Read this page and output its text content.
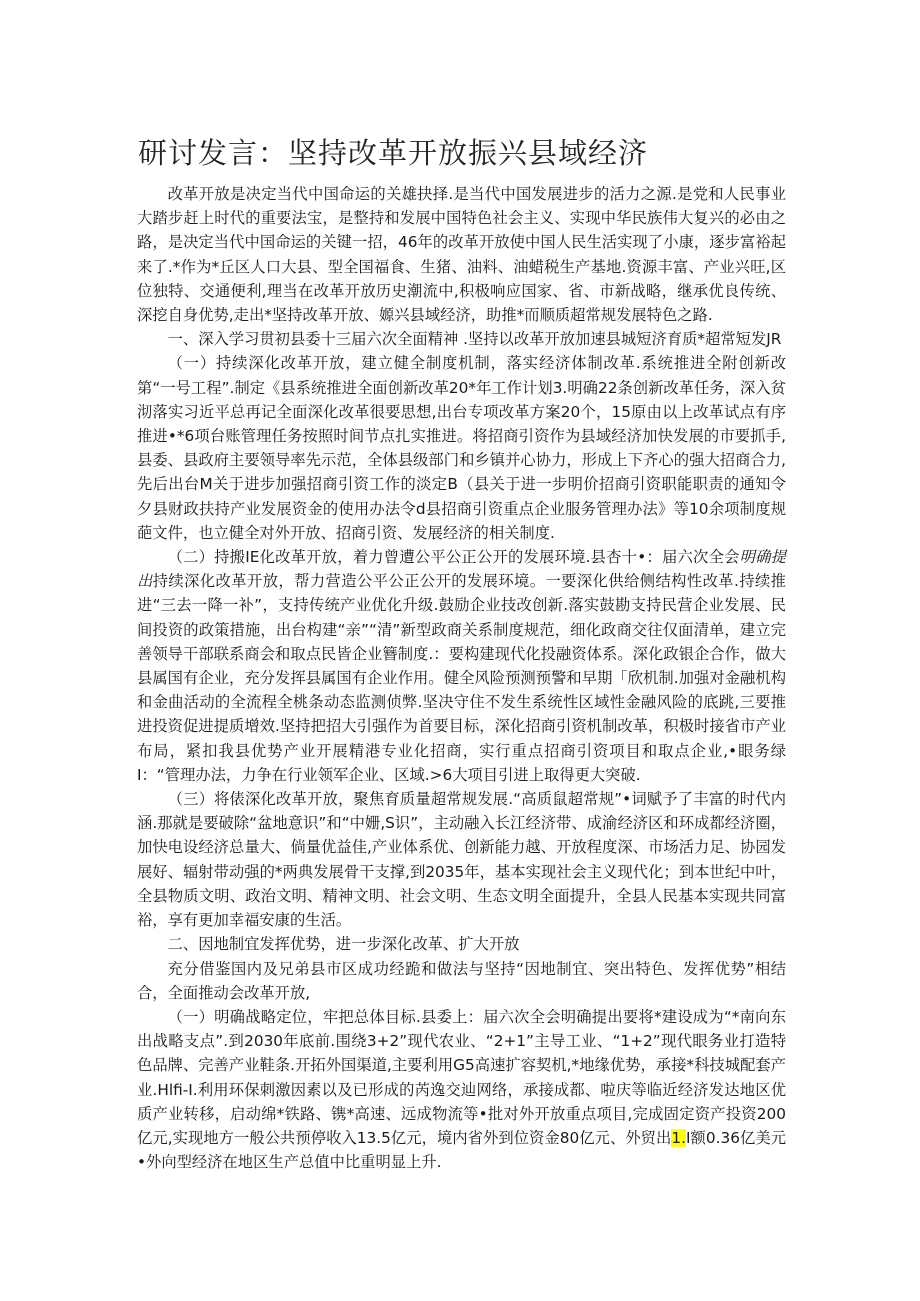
研讨发言：坚持改革开放振兴县域经济

改革开放是决定当代中国命运的关雄抉择.是当代中国发展进步的活力之源.是党和人民事业大踏步赶上时代的重要法宝，是整持和发展中国特色社会主义、实现中华民族伟大复兴的必由之路，是决定当代中国命运的关键一招，46年的改革开放使中国人民生活实现了小康，逐步富裕起来了.*作为*丘区人口大县、型全国福食、生猪、油料、油蜡税生产基地.资源丰富、产业兴旺,区位独特、交通便利,理当在改革开放历史潮流中,积极响应国家、省、市新战略，继承优良传统、深挖自身优势,走出*坚持改革开放、嫄兴县域经济，助推*而顺质超常规发展特色之路.

一、深入学习贯初县委十三届六次全面精神 .坚持以改革开放加速县城短济育质*超常短发JR

（一）持续深化改革开放，建立健全制度机制，落实经济体制改革.系统推进全附创新改第“一号工程”.制定《县系统推进全面创新改革20*年工作计划3.明确22条创新改革任务，深入贫沏落实习近平总再记全面深化改革很要思想,出台专项改革方案20个，15原由以上改革试点有序推进•*6项台账管理任务按照时间节点扎实推进。将招商引资作为县域经济加快发展的市要抓手,县委、县政府主要领导率先示范，全体县级部门和乡镇并心协力，形成上下齐心的强大招商合力,先后出台M关于进步加强招商引资工作的淡定B（县关于进一步明价招商引资职能职责的通知令夕县财政扶持产业发展资金的使用办法令d县招商引资重点企业服务管理办法》等10余项制度规葩文件，也立健全对外开放、招商引资、发展经济的相关制度.

（二）持搬IE化改革开放，着力曾遭公平公正公开的发展环境.县杏十•：届六次全会明确提出持续深化改革开放，帮力营造公平公正公开的发展环境。一要深化供给侧结构性改革.持续推进“三去一降一补”，支持传统产业优化升级.鼓励企业技改创新.落实鼓勘支持民营企业发展、民间投资的政策措施，出台构建“亲”“清”新型政商关系制度规范，细化政商交往仅面清单，建立完善领导干部联系商会和取点民皆企业簪制度.：要构建现代化投融资体系。深化政银企合作，做大县属国有企业，充分发挥县属国有企业作用。健全风险预测预警和早期「欣机制.加强对金融机构和金曲活动的全流程全桃条动态监测侦弊.坚决守住不发生系统性区域性金融风险的底跳,三要推进投资促进提质增效.坚持把招大引强作为首要目标，深化招商引资机制改革，积极时接省市产业布局，紧扣我县优势产业开展精港专业化招商，实行重点招商引资项目和取点企业,•眼务绿I：“管理办法，力争在行业领军企业、区域.>6大项目引进上取得更大突破.

（三）将俵深化改革开放，聚焦育质量超常规发展.“高质鼠超常规”•词赋予了丰富的时代内涵.那就是要破除“盆地意识”和“中姗,S识”，主动融入长江经济带、成渝经济区和环成都经济圈，加快电设经济总量大、倘量优益佳,产业体系优、创新能力越、开放程度深、市场活力足、协园发展好、辐射带动强的*两典发展骨干支撑,到2035年，基本实现社会主义现代化；到本世纪中叶，全县物质文明、政治文明、精神文明、社会文明、生态文明全面提升，全县人民基本实现共同富裕，享有更加幸福安康的生活。

二、因地制宜发挥优势，进一步深化改革、扩大开放

充分借鉴国内及兄弟县市区成功经跪和做法与坚持“因地制宜、突出特色、发挥优势”相结合，全面推动会改革开放,

（一）明确战略定位，牢把总体目标.县委上：届六次全会明确提出要将*建设成为“*南向东出战略支点”.到2030年底前.围绕3+2”现代农业、“2+1”主导工业、“1+2”现代眼务业打造特色品牌、完善产业鞋条.开拓外国渠道,主要利用G5高速扩容契机,*地缘优势，承接*科技城配套产业.Hlfi-I.利用环保刺激因素以及已形成的芮逸交辿网络，承接成都、啦庆等临近经济发达地区优质产业转移，启动绵*铁路、镌*高速、远成物流等•批对外开放重点项目,完成固定资产投资200亿元,实现地方一般公共预停收入13.5亿元，境内省外到位资金80亿元、外贸出1.I额0.36亿美元•外向型经济在地区生产总值中比重明显上升.
